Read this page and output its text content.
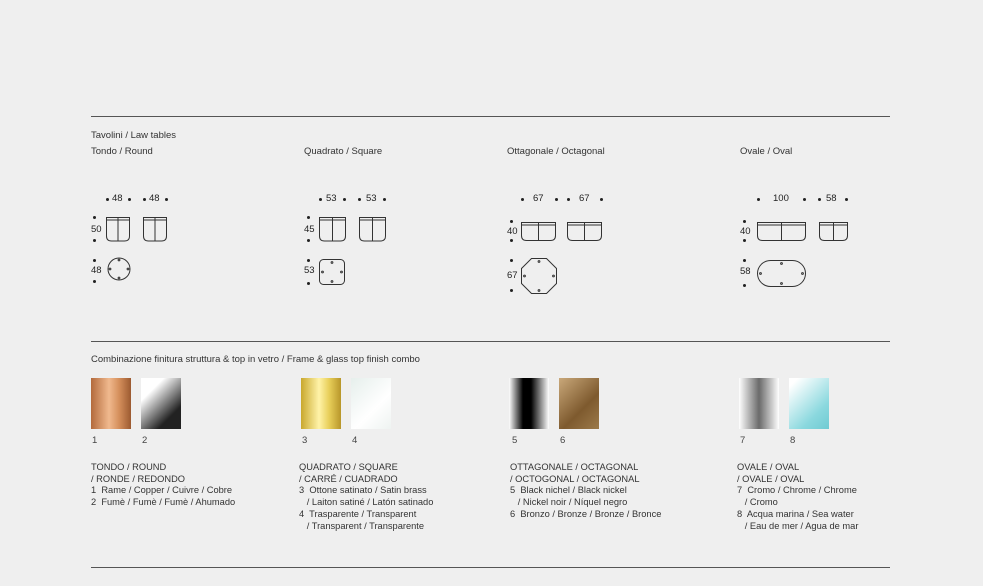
Tavolini / Law tables
Tondo / Round
48	48
50
48
Quadrato / Square
53	53
45
53
Ottagonale / Octagonal
67	67
40
67
Ovale / Oval
100	58
40
58
Combinazione finitura struttura & top in vetro / Frame & glass top finish combo
1	2	3	4	5	6	7	8
TONDO / ROUND
/ RONDE / REDONDO
1  Rame / Copper / Cuivre / Cobre
2  Fumè / Fumè / Fumè / Ahumado
QUADRATO / SQUARE
/ CARRÉ / CUADRADO
3  Ottone satinato / Satin brass
/ Laiton satiné / Latón satinado
4  Trasparente / Transparent
/ Transparent / Transparente
OTTAGONALE / OCTAGONAL
/ OCTOGONAL / OCTAGONAL
5  Black nichel / Black nickel
/ Nickel noir / Níquel negro
6  Bronzo / Bronze / Bronze / Bronce
OVALE / OVAL
/ OVALE / OVAL
7  Cromo / Chrome / Chrome
/ Cromo
8  Acqua marina / Sea water
/ Eau de mer / Agua de mar
